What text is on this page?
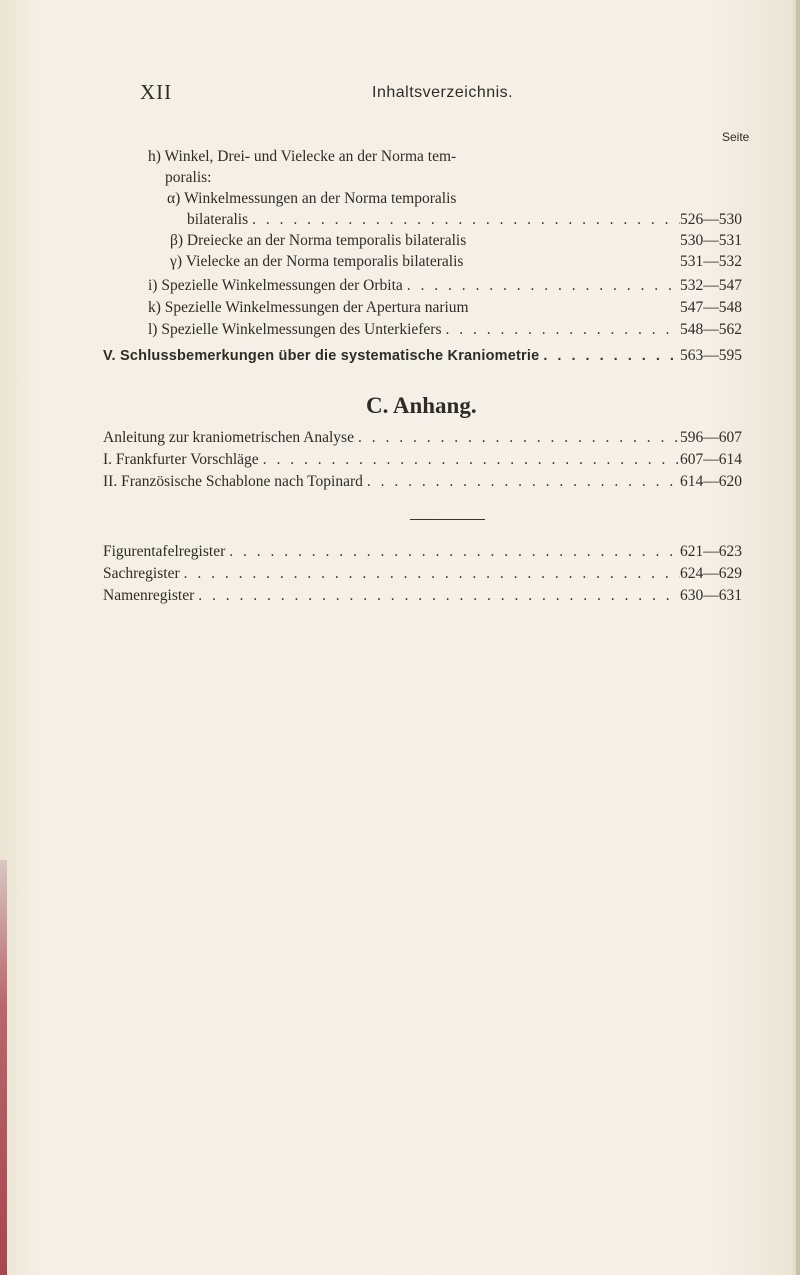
XII	Inhaltsverzeichnis.
Seite
h) Winkel, Drei- und Vielecke an der Norma tem-
poralis:
α) Winkelmessungen an der Norma temporalis
bilateralis . . .	526—530
β) Dreiecke an der Norma temporalis bilateralis	530—531
γ) Vielecke an der Norma temporalis bilateralis	531—532
i) Spezielle Winkelmessungen der Orbita . . .	532—547
k) Spezielle Winkelmessungen der Apertura narium	547—548
l) Spezielle Winkelmessungen des Unterkiefers . . .	548—562
V. Schlussbemerkungen über die systematische Kraniometrie . . .	563—595
C. Anhang.
Anleitung zur kraniometrischen Analyse . . .	596—607
I. Frankfurter Vorschläge . . .	607—614
II. Französische Schablone nach Topinard . . .	614—620
Figurentafelregister . . .	621—623
Sachregister . . .	624—629
Namenregister . . .	630—631
